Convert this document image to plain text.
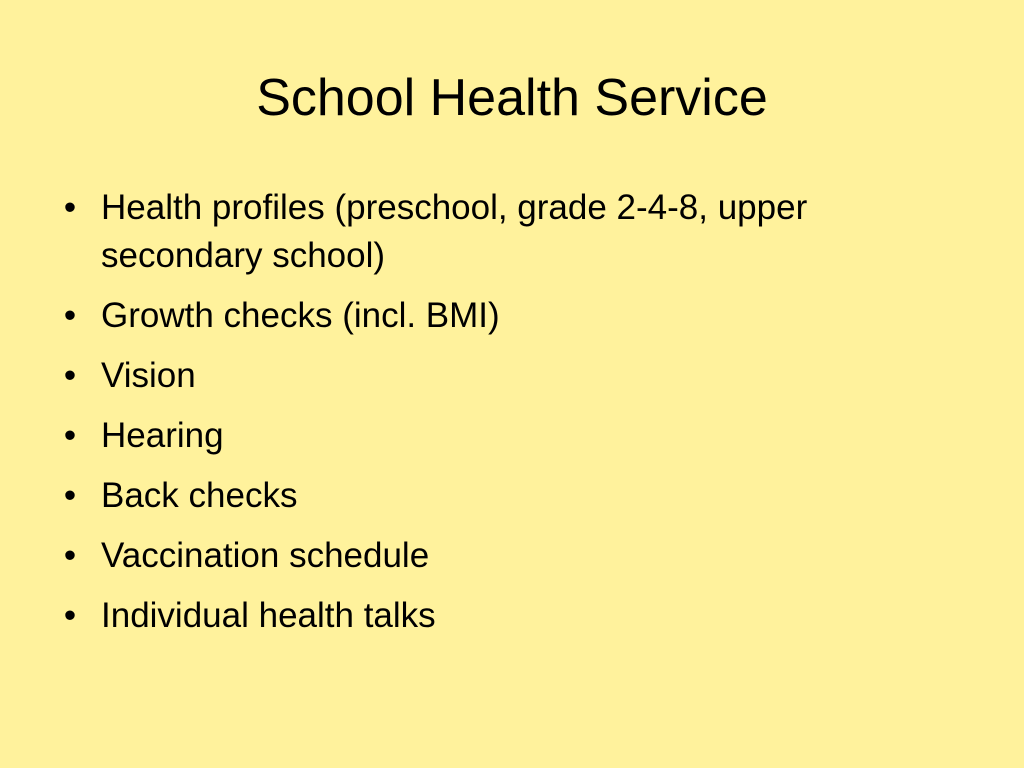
School Health Service
• Health profiles (preschool, grade 2-4-8, upper secondary school)
• Growth checks (incl. BMI)
• Vision
• Hearing
• Back checks
• Vaccination schedule
• Individual health talks
